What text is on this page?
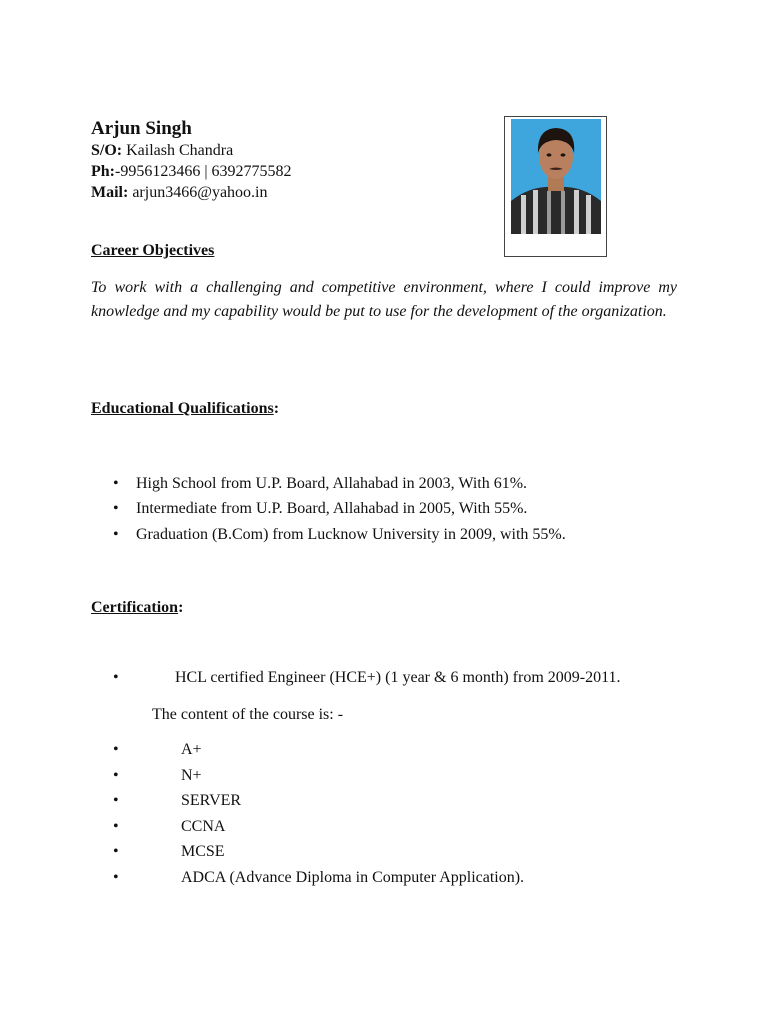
Arjun Singh
S/O: Kailash Chandra
Ph:-9956123466 | 6392775582
Mail: arjun3466@yahoo.in
Career Objectives
To work with a challenging and competitive environment, where I could improve my knowledge and my capability would be put to use for the development of the organization.
Educational Qualifications:
• High School from U.P. Board, Allahabad in 2003, With 61%.
• Intermediate from U.P. Board, Allahabad in 2005, With 55%.
• Graduation (B.Com) from Lucknow University in 2009, with 55%.
Certification:
•	HCL certified Engineer (HCE+) (1 year & 6 month) from 2009-2011.
The content of the course is: -
•	A+
•	N+
•	SERVER
•	CCNA
•	MCSE
•	ADCA (Advance Diploma in Computer Application).
